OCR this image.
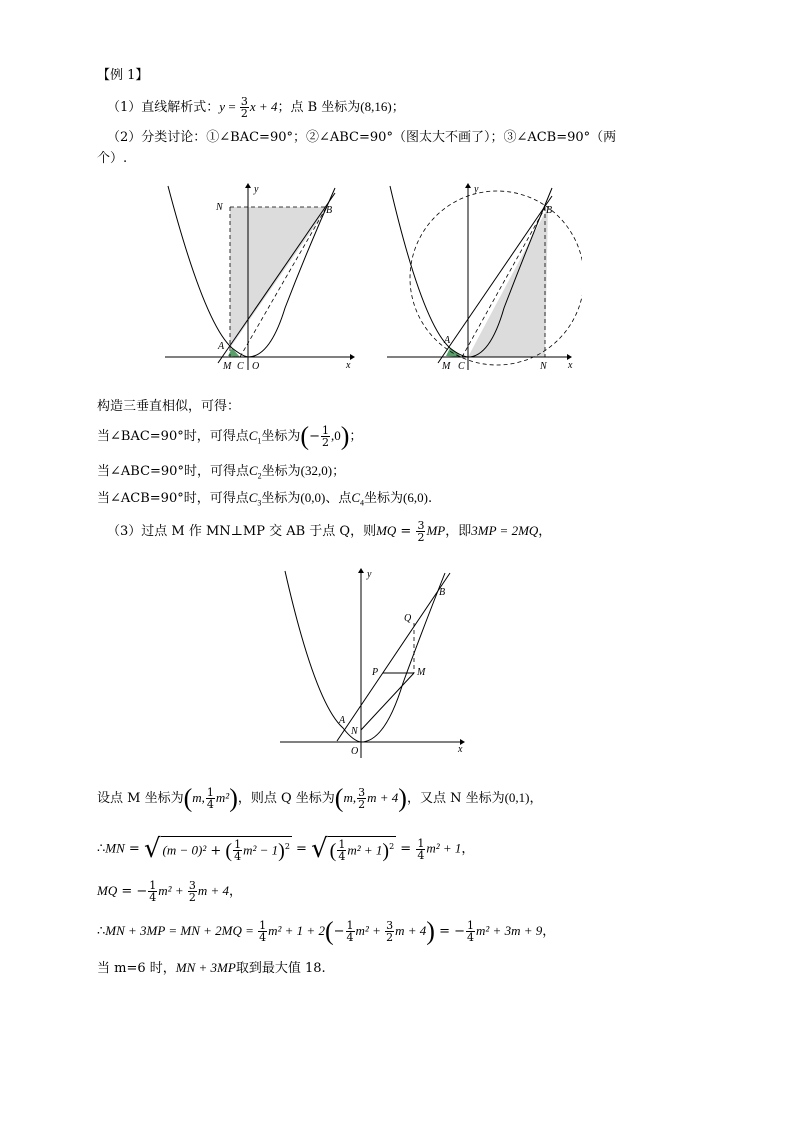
【例 1】
（1）直线解析式：$y = \frac{3}{2}$ x + 4；点 B 坐标为(8,16)；
（2）分类讨论：①∠BAC=90°；②∠ABC=90°（图太大不画了）；③∠ACB=90°（两
个）.
y
N	B
A
M C O	x
y
B
A
M C	N x
构造三垂直相似，可得：
当∠BAC=90°时，可得点$C_1$坐标为(− $\frac{1}{2} ,0$)；
当∠ABC=90°时，可得点$C_2$坐标为(32,0)；
当∠ACB=90°时，可得点$C_3$坐标为(0,0)、点$C_4$坐标为(6,0).
（3）过点 M 作 MN⊥MP 交 AB 于点 Q，则MQ = $\frac{3}{2}$ MP，即3MP = 2MQ，
y
B
Q
P	M
A
N
O	x
设点 M 坐标为(m, $\frac{1}{4} m^2$)，则点 Q 坐标为(m, $\frac{3}{2}$ m + 4)，又点 N 坐标为(0,1)，
∴MN = √ (m − 0)² + ( $\frac{1}{4} m^2 - 1)^2$ = √ ( $\frac{1}{4} m^2 + 1)^2 = \frac{1}{4} m^2 + 1$，
MQ = − $\frac{1}{4} m^2 + \frac{3}{2}$ m + 4，
∴MN + 3MP = MN + $2MQ = \frac{1}{4} m^2 + 1 + 2(- \frac{1}{4} m^2 + \frac{3}{2}$ m + 4) = − $\frac{1}{4} m^2 + 3m + 9$，
当 m=6 时，MN + 3MP取到最大值 18.
